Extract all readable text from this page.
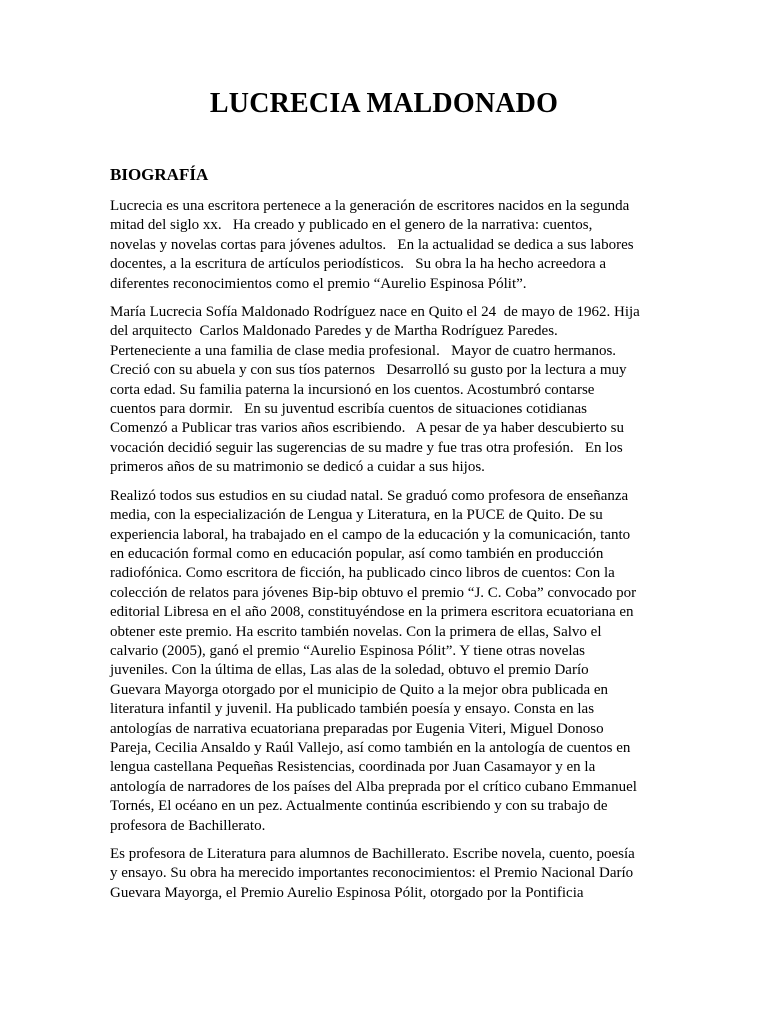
LUCRECIA MALDONADO
BIOGRAFÍA

Lucrecia es una escritora pertenece a la generación de escritores nacidos en la segunda
mitad del siglo xx.   Ha creado y publicado en el genero de la narrativa: cuentos,
novelas y novelas cortas para jóvenes adultos.   En la actualidad se dedica a sus labores
docentes, a la escritura de artículos periodísticos.   Su obra la ha hecho acreedora a
diferentes reconocimientos como el premio “Aurelio Espinosa Pólit”.

María Lucrecia Sofía Maldonado Rodríguez nace en Quito el 24  de mayo de 1962. Hija
del arquitecto  Carlos Maldonado Paredes y de Martha Rodríguez Paredes.
Perteneciente a una familia de clase media profesional.   Mayor de cuatro hermanos.
Creció con su abuela y con sus tíos paternos   Desarrolló su gusto por la lectura a muy
corta edad. Su familia paterna la incursionó en los cuentos. Acostumbró contarse
cuentos para dormir.   En su juventud escribía cuentos de situaciones cotidianas
Comenzó a Publicar tras varios años escribiendo.   A pesar de ya haber descubierto su
vocación decidió seguir las sugerencias de su madre y fue tras otra profesión.   En los
primeros años de su matrimonio se dedicó a cuidar a sus hijos.

Realizó todos sus estudios en su ciudad natal. Se graduó como profesora de enseñanza
media, con la especialización de Lengua y Literatura, en la PUCE de Quito. De su
experiencia laboral, ha trabajado en el campo de la educación y la comunicación, tanto
en educación formal como en educación popular, así como también en producción
radiofónica. Como escritora de ficción, ha publicado cinco libros de cuentos: Con la
colección de relatos para jóvenes Bip-bip obtuvo el premio “J. C. Coba” convocado por
editorial Libresa en el año 2008, constituyéndose en la primera escritora ecuatoriana en
obtener este premio. Ha escrito también novelas. Con la primera de ellas, Salvo el
calvario (2005), ganó el premio “Aurelio Espinosa Pólit”. Y tiene otras novelas
juveniles. Con la última de ellas, Las alas de la soledad, obtuvo el premio Darío
Guevara Mayorga otorgado por el municipio de Quito a la mejor obra publicada en
literatura infantil y juvenil. Ha publicado también poesía y ensayo. Consta en las
antologías de narrativa ecuatoriana preparadas por Eugenia Viteri, Miguel Donoso
Pareja, Cecilia Ansaldo y Raúl Vallejo, así como también en la antología de cuentos en
lengua castellana Pequeñas Resistencias, coordinada por Juan Casamayor y en la
antología de narradores de los países del Alba preprada por el crítico cubano Emmanuel
Tornés, El océano en un pez. Actualmente continúa escribiendo y con su trabajo de
profesora de Bachillerato.

Es profesora de Literatura para alumnos de Bachillerato. Escribe novela, cuento, poesía
y ensayo. Su obra ha merecido importantes reconocimientos: el Premio Nacional Darío
Guevara Mayorga, el Premio Aurelio Espinosa Pólit, otorgado por la Pontificia
